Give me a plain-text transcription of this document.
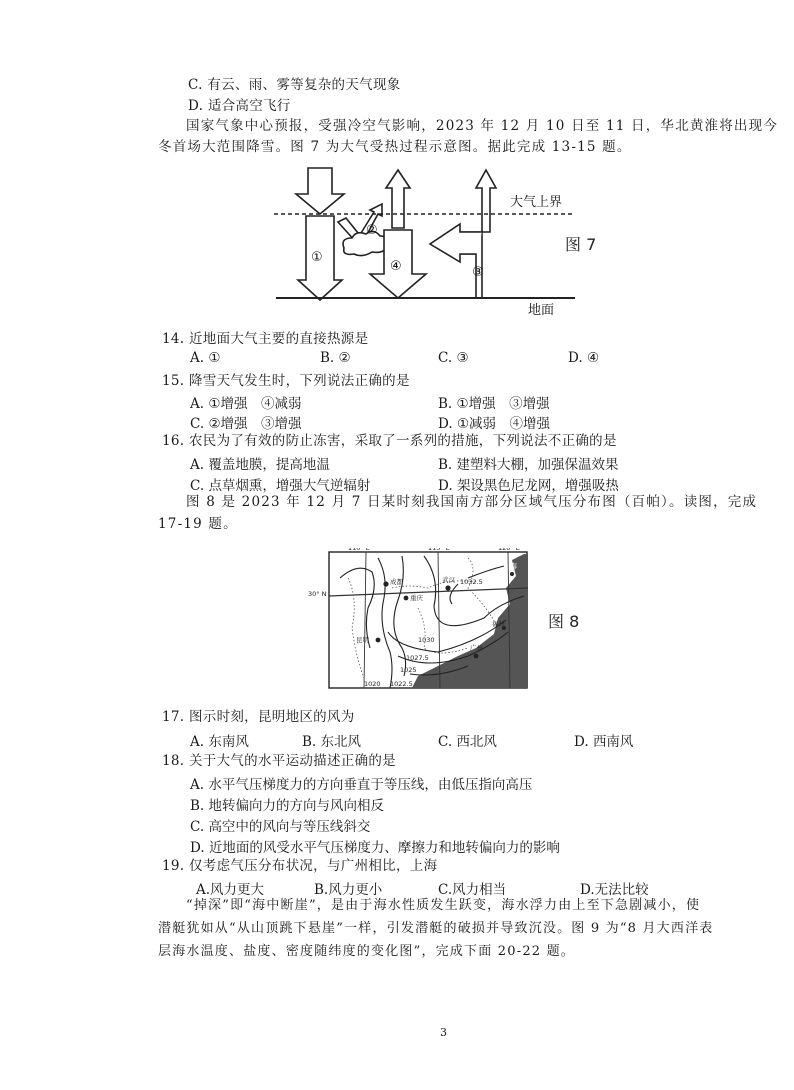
C. 有云、雨、雾等复杂的天气现象
D. 适合高空飞行
国家气象中心预报，受强冷空气影响，2023 年 12 月 10 日至 11 日，华北黄淮将出现今
冬首场大范围降雪。图 7 为大气受热过程示意图。据此完成 13-15 题。
大气上界
地面
①
②
③
④
图 7
14. 近地面大气主要的直接热源是
A. ①	B. ②	C. ③	D. ④
15. 降雪天气发生时，下列说法正确的是
A. ①增强　④减弱	B. ①增强　③增强
C. ②增强　③增强	D. ①减弱　④增强
16. 农民为了有效的防止冻害，采取了一系列的措施，下列说法不正确的是
A. 覆盖地膜，提高地温	B. 建塑料大棚，加强保温效果
C. 点草烟熏，增强大气逆辐射	D. 架设黑色尼龙网，增强吸热
图 8 是 2023 年 12 月 7 日某时刻我国南方部分区域气压分布图（百帕）。读图，完成
17-19 题。
110° E	115° E	120° E
1032.5
1030
1027.5
1025
1022.5
1020
成都
重庆
武汉
上海
昆明
福州
广州
30° N
图 8
17. 图示时刻，昆明地区的风为
A. 东南风	B. 东北风	C. 西北风	D. 西南风
18. 关于大气的水平运动描述正确的是
A. 水平气压梯度力的方向垂直于等压线，由低压指向高压
B. 地转偏向力的方向与风向相反
C. 高空中的风向与等压线斜交
D. 近地面的风受水平气压梯度力、摩擦力和地转偏向力的影响
19. 仅考虑气压分布状况，与广州相比，上海
A.风力更大	B.风力更小	C.风力相当	D.无法比较
“掉深”即“海中断崖”，是由于海水性质发生跃变，海水浮力由上至下急剧减小，使
潜艇犹如从“从山顶跳下悬崖”一样，引发潜艇的破损并导致沉没。图 9 为“8 月大西洋表
层海水温度、盐度、密度随纬度的变化图”，完成下面 20-22 题。
3
